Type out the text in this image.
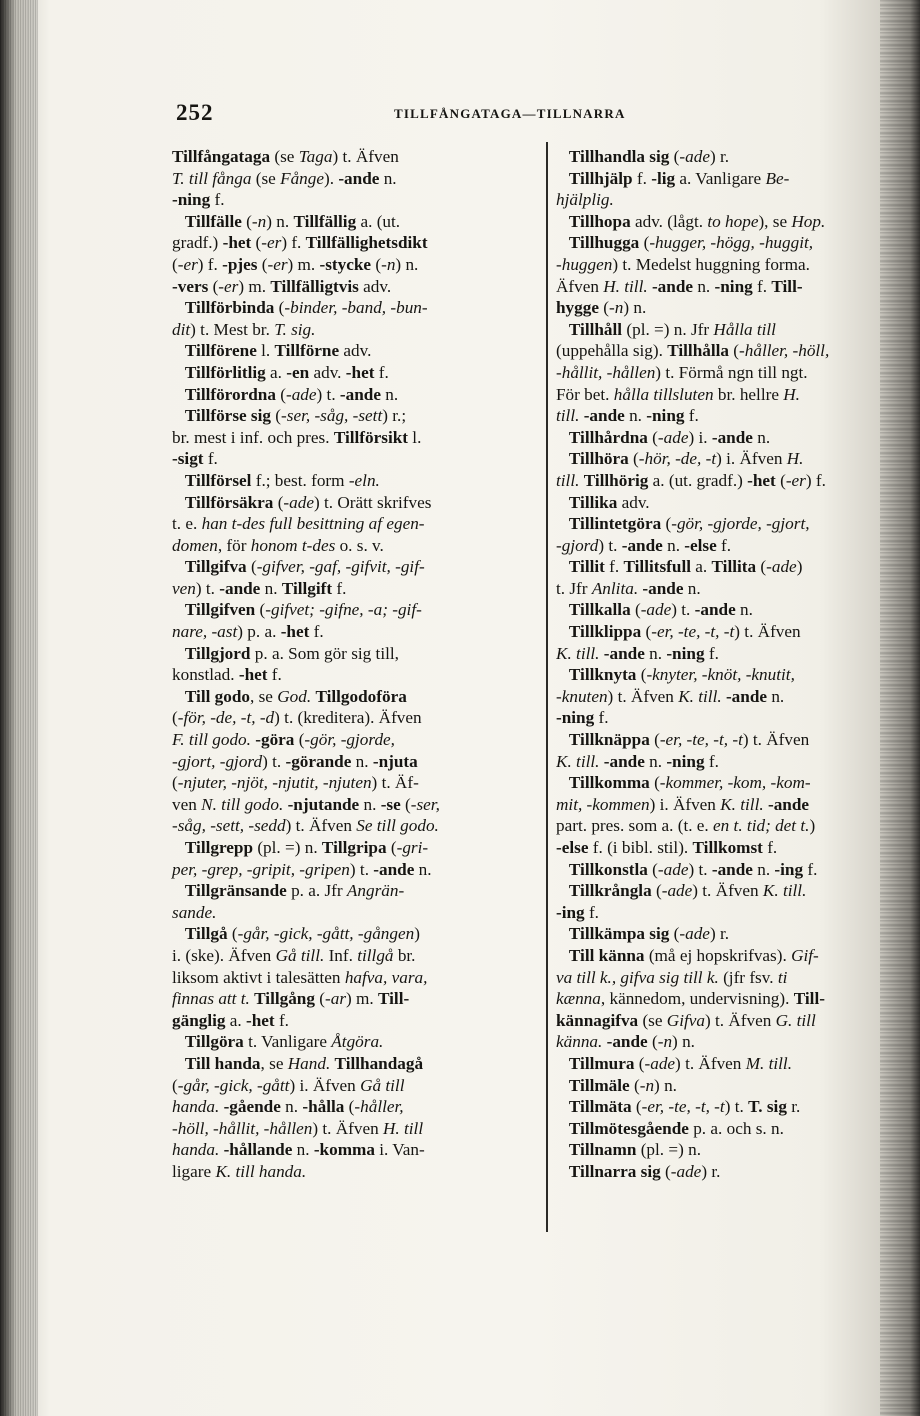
252	TILLFÅNGATAGA—TILLNARRA
Tillfångataga (se Taga) t. Äfven
T. till fånga (se Fånge). -ande n.
-ning f.
Tillfälle (-n) n. Tillfällig a. (ut.
gradf.) -het (-er) f. Tillfällighetsdikt
(-er) f. -pjes (-er) m. -stycke (-n) n.
-vers (-er) m. Tillfälligtvis adv.
Tillförbinda (-binder, -band, -bun-
dit) t. Mest br. T. sig.
Tillförene l. Tillförne adv.
Tillförlitlig a. -en adv. -het f.
Tillförordna (-ade) t. -ande n.
Tillförse sig (-ser, -såg, -sett) r.;
br. mest i inf. och pres. Tillförsikt l.
-sigt f.
Tillförsel f.; best. form -eln.
Tillförsäkra (-ade) t. Orätt skrifves
t. e. han t-des full besittning af egen-
domen, för honom t-des o. s. v.
Tillgifva (-gifver, -gaf, -gifvit, -gif-
ven) t. -ande n. Tillgift f.
Tillgifven (-gifvet; -gifne, -a; -gif-
nare, -ast) p. a. -het f.
Tillgjord p. a. Som gör sig till,
konstlad. -het f.
Till godo, se God. Tillgodoföra
(-för, -de, -t, -d) t. (kreditera). Äfven
F. till godo. -göra (-gör, -gjorde,
-gjort, -gjord) t. -görande n. -njuta
(-njuter, -njöt, -njutit, -njuten) t. Äf-
ven N. till godo. -njutande n. -se (-ser,
-såg, -sett, -sedd) t. Äfven Se till godo.
Tillgrepp (pl. =) n. Tillgripa (-gri-
per, -grep, -gripit, -gripen) t. -ande n.
Tillgränsande p. a. Jfr Angrän-
sande.
Tillgå (-går, -gick, -gått, -gången)
i. (ske). Äfven Gå till. Inf. tillgå br.
liksom aktivt i talesätten hafva, vara,
finnas att t. Tillgång (-ar) m. Till-
gänglig a. -het f.
Tillgöra t. Vanligare Åtgöra.
Till handa, se Hand. Tillhandagå
(-går, -gick, -gått) i. Äfven Gå till
handa. -gående n. -hålla (-håller,
-höll, -hållit, -hållen) t. Äfven H. till
handa. -hållande n. -komma i. Van-
ligare K. till handa.
Tillhandla sig (-ade) r.
Tillhjälp f. -lig a. Vanligare Be-
hjälplig.
Tillhopa adv. (lågt. to hope), se Hop.
Tillhugga (-hugger, -högg, -huggit,
-huggen) t. Medelst huggning forma.
Äfven H. till. -ande n. -ning f. Till-
hygge (-n) n.
Tillhåll (pl. =) n. Jfr Hålla till
(uppehålla sig). Tillhålla (-håller, -höll,
-hållit, -hållen) t. Förmå ngn till ngt.
För bet. hålla tillsluten br. hellre H.
till. -ande n. -ning f.
Tillhårdna (-ade) i. -ande n.
Tillhöra (-hör, -de, -t) i. Äfven H.
till. Tillhörig a. (ut. gradf.) -het (-er) f.
Tillika adv.
Tillintetgöra (-gör, -gjorde, -gjort,
-gjord) t. -ande n. -else f.
Tillit f. Tillitsfull a. Tillita (-ade)
t. Jfr Anlita. -ande n.
Tillkalla (-ade) t. -ande n.
Tillklippa (-er, -te, -t, -t) t. Äfven
K. till. -ande n. -ning f.
Tillknyta (-knyter, -knöt, -knutit,
-knuten) t. Äfven K. till. -ande n.
-ning f.
Tillknäppa (-er, -te, -t, -t) t. Äfven
K. till. -ande n. -ning f.
Tillkomma (-kommer, -kom, -kom-
mit, -kommen) i. Äfven K. till. -ande
part. pres. som a. (t. e. en t. tid; det t.)
-else f. (i bibl. stil). Tillkomst f.
Tillkonstla (-ade) t. -ande n. -ing f.
Tillkrångla (-ade) t. Äfven K. till.
-ing f.
Tillkämpa sig (-ade) r.
Till känna (må ej hopskrifvas). Gif-
va till k., gifva sig till k. (jfr fsv. ti
kænna, kännedom, undervisning). Till-
kännagifva (se Gifva) t. Äfven G. till
känna. -ande (-n) n.
Tillmura (-ade) t. Äfven M. till.
Tillmäle (-n) n.
Tillmäta (-er, -te, -t, -t) t. T. sig r.
Tillmötesgående p. a. och s. n.
Tillnamn (pl. =) n.
Tillnarra sig (-ade) r.
